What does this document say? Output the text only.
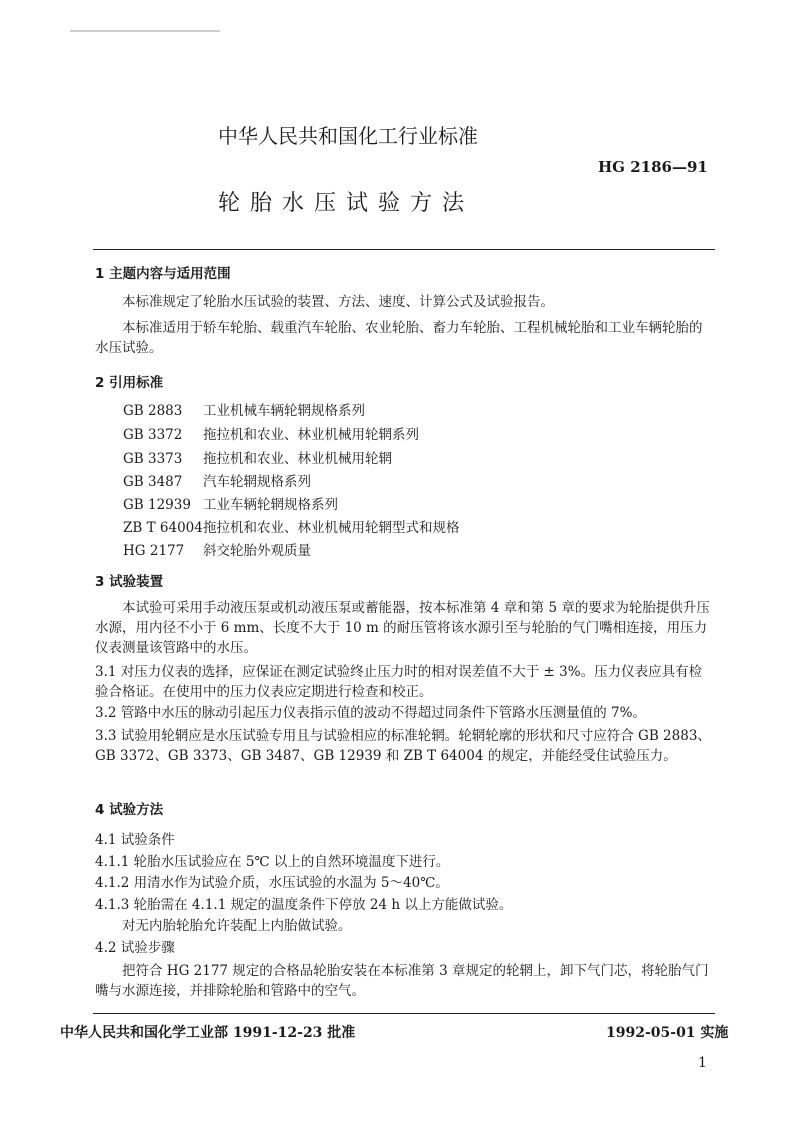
中华人民共和国化工行业标准
HG 2186—91
轮胎水压试验方法
1 主题内容与适用范围
本标准规定了轮胎水压试验的装置、方法、速度、计算公式及试验报告。
本标准适用于轿车轮胎、载重汽车轮胎、农业轮胎、畜力车轮胎、工程机械轮胎和工业车辆轮胎的水压试验。
2 引用标准
GB 2883 工业机械车辆轮辋规格系列
GB 3372 拖拉机和农业、林业机械用轮辋系列
GB 3373 拖拉机和农业、林业机械用轮辋
GB 3487 汽车轮辋规格系列
GB 12939 工业车辆轮辋规格系列
ZB T 64004拖拉机和农业、林业机械用轮辋型式和规格
HG 2177 斜交轮胎外观质量
3 试验装置
本试验可采用手动液压泵或机动液压泵或蓄能器，按本标准第 4 章和第 5 章的要求为轮胎提供升压水源，用内径不小于 6 mm、长度不大于 10 m 的耐压管将该水源引至与轮胎的气门嘴相连接，用压力仪表测量该管路中的水压。
3.1 对压力仪表的选择，应保证在测定试验终止压力时的相对误差值不大于 ± 3%。压力仪表应具有检验合格证。在使用中的压力仪表应定期进行检查和校正。
3.2 管路中水压的脉动引起压力仪表指示值的波动不得超过同条件下管路水压测量值的 7%。
3.3 试验用轮辋应是水压试验专用且与试验相应的标准轮辋。轮辋轮廓的形状和尺寸应符合 GB 2883、GB 3372、GB 3373、GB 3487、GB 12939 和 ZB T 64004 的规定，并能经受住试验压力。
4 试验方法
4.1 试验条件
4.1.1 轮胎水压试验应在 5℃ 以上的自然环境温度下进行。
4.1.2 用清水作为试验介质，水压试验的水温为 5～40℃。
4.1.3 轮胎需在 4.1.1 规定的温度条件下停放 24 h 以上方能做试验。
对无内胎轮胎允许装配上内胎做试验。
4.2 试验步骤
把符合 HG 2177 规定的合格品轮胎安装在本标准第 3 章规定的轮辋上，卸下气门芯，将轮胎气门嘴与水源连接，并排除轮胎和管路中的空气。
中华人民共和国化学工业部 1991-12-23 批准	1992-05-01 实施
1
